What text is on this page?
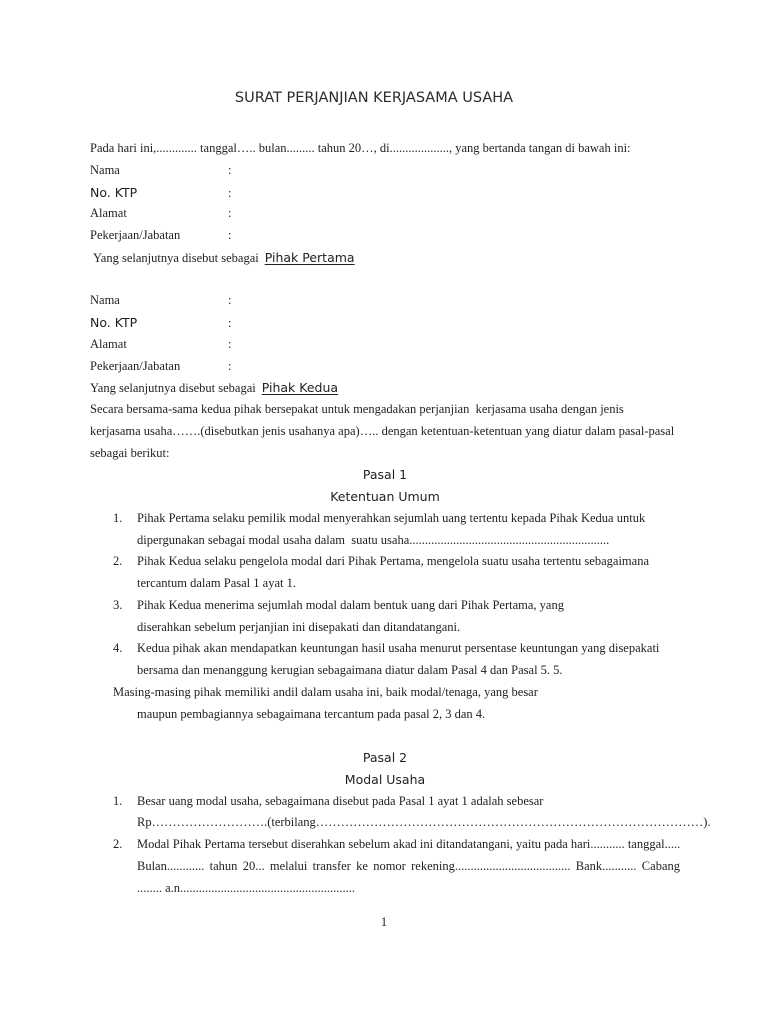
SURAT PERJANJIAN KERJASAMA USAHA
Pada hari ini,............. tanggal….. bulan......... tahun 20…, di..................., yang bertanda tangan di bawah ini:
Nama	:
No. KTP	:
Alamat	:
Pekerjaan/Jabatan	:
Yang selanjutnya disebut sebagai Pihak Pertama
Nama	:
No. KTP	:
Alamat	:
Pekerjaan/Jabatan	:
Yang selanjutnya disebut sebagai Pihak Kedua
Secara bersama-sama kedua pihak bersepakat untuk mengadakan perjanjian  kerjasama usaha dengan jenis
kerjasama usaha…….(disebutkan jenis usahanya apa)….. dengan ketentuan-ketentuan yang diatur dalam pasal-pasal
sebagai berikut:
Pasal 1
Ketentuan Umum
1. Pihak Pertama selaku pemilik modal menyerahkan sejumlah uang tertentu kepada Pihak Kedua untuk
dipergunakan sebagai modal usaha dalam  suatu usaha................................................................
2. Pihak Kedua selaku pengelola modal dari Pihak Pertama, mengelola suatu usaha tertentu sebagaimana
tercantum dalam Pasal 1 ayat 1.
3. Pihak Kedua menerima sejumlah modal dalam bentuk uang dari Pihak Pertama, yang
diserahkan sebelum perjanjian ini disepakati dan ditandatangani.
4. Kedua pihak akan mendapatkan keuntungan hasil usaha menurut persentase keuntungan yang disepakati
bersama dan menanggung kerugian sebagaimana diatur dalam Pasal 4 dan Pasal 5. 5.
Masing-masing pihak memiliki andil dalam usaha ini, baik modal/tenaga, yang besar
maupun pembagiannya sebagaimana tercantum pada pasal 2, 3 dan 4.
Pasal 2
Modal Usaha
1. Besar uang modal usaha, sebagaimana disebut pada Pasal 1 ayat 1 adalah sebesar
Rp……………………….(terbilang…………………………………………………………………………………).
2. Modal Pihak Pertama tersebut diserahkan sebelum akad ini ditandatangani, yaitu pada hari........... tanggal.....
Bulan............ tahun 20... melalui transfer ke nomor rekening..................................... Bank........... Cabang
........ a.n........................................................
1
